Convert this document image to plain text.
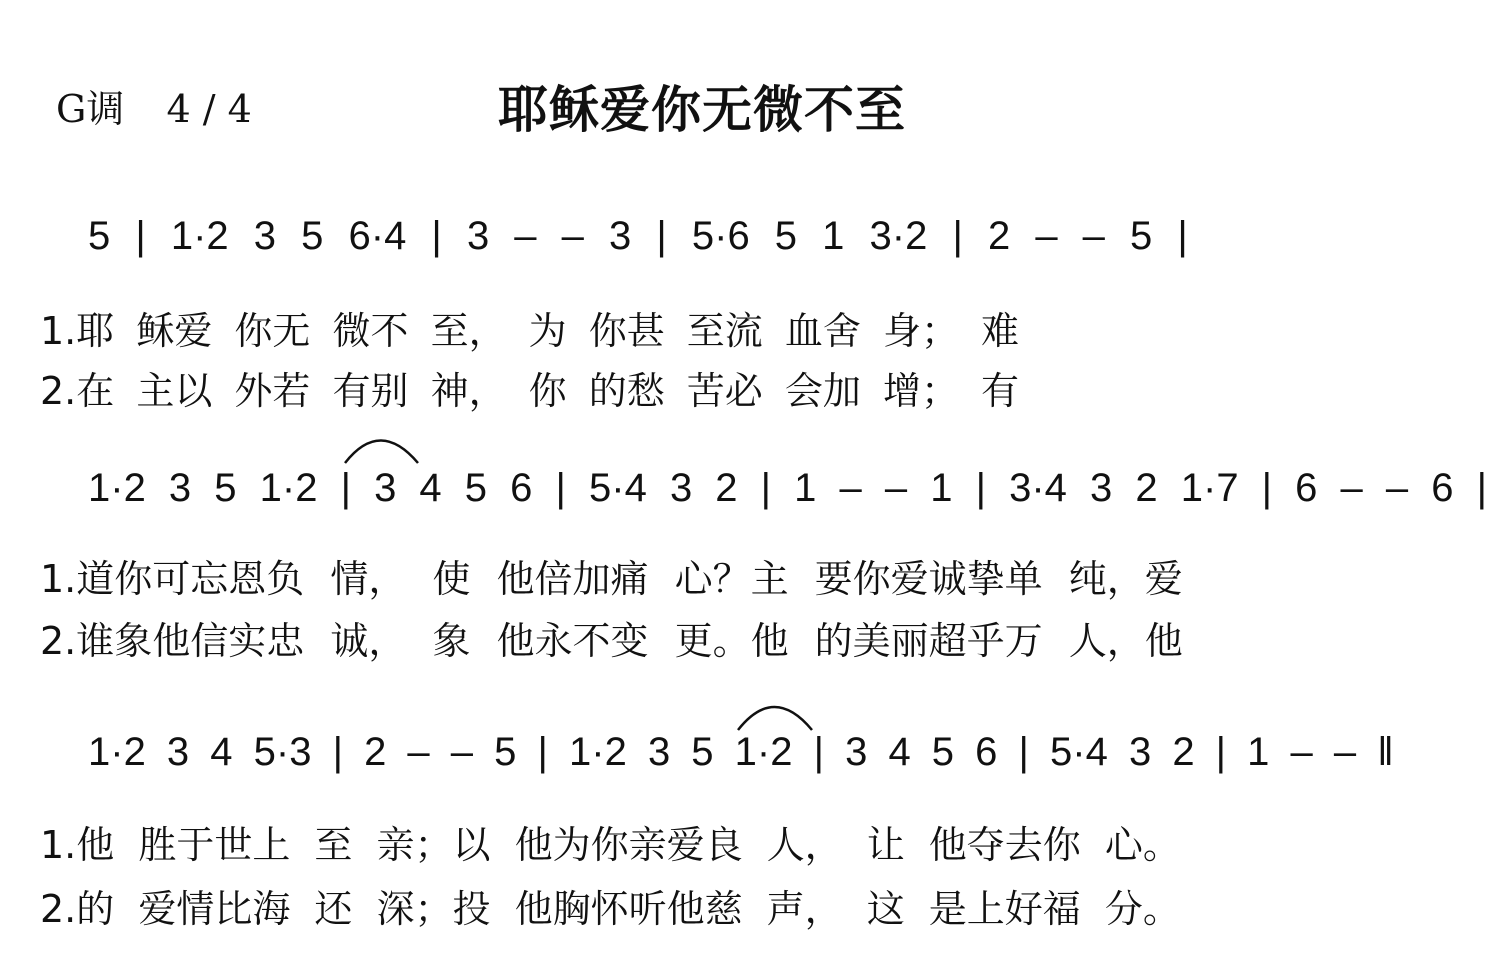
G调 4 / 4	耶稣爱你无微不至
5 | 1·2 3 5 6·4 | 3 – – 3 | 5·6 5 1 3·2 | 2 – – 5 |
1.耶 稣爱 你无 微不 至， 为 你甚 至流 血舍 身； 难
2.在 主以 外若 有别 神， 你 的愁 苦必 会加 增； 有
1·2 3 5 1·2 | 3 4 5 6 | 5·4 3 2 | 1 – – 1 | 3·4 3 2 1·7 | 6 – – 6 |
1.道你可忘恩负 情， 使 他倍加痛 心？主 要你爱诚挚单 纯，爱
2.谁象他信实忠 诚， 象 他永不变 更。他 的美丽超乎万 人，他
1·2 3 4 5·3 | 2 – – 5 | 1·2 3 5 1·2 | 3 4 5 6 | 5·4 3 2 | 1 – – ‖
1.他 胜于世上 至 亲；以 他为你亲爱良 人， 让 他夺去你 心。
2.的 爱情比海 还 深；投 他胸怀听他慈 声， 这 是上好福 分。
